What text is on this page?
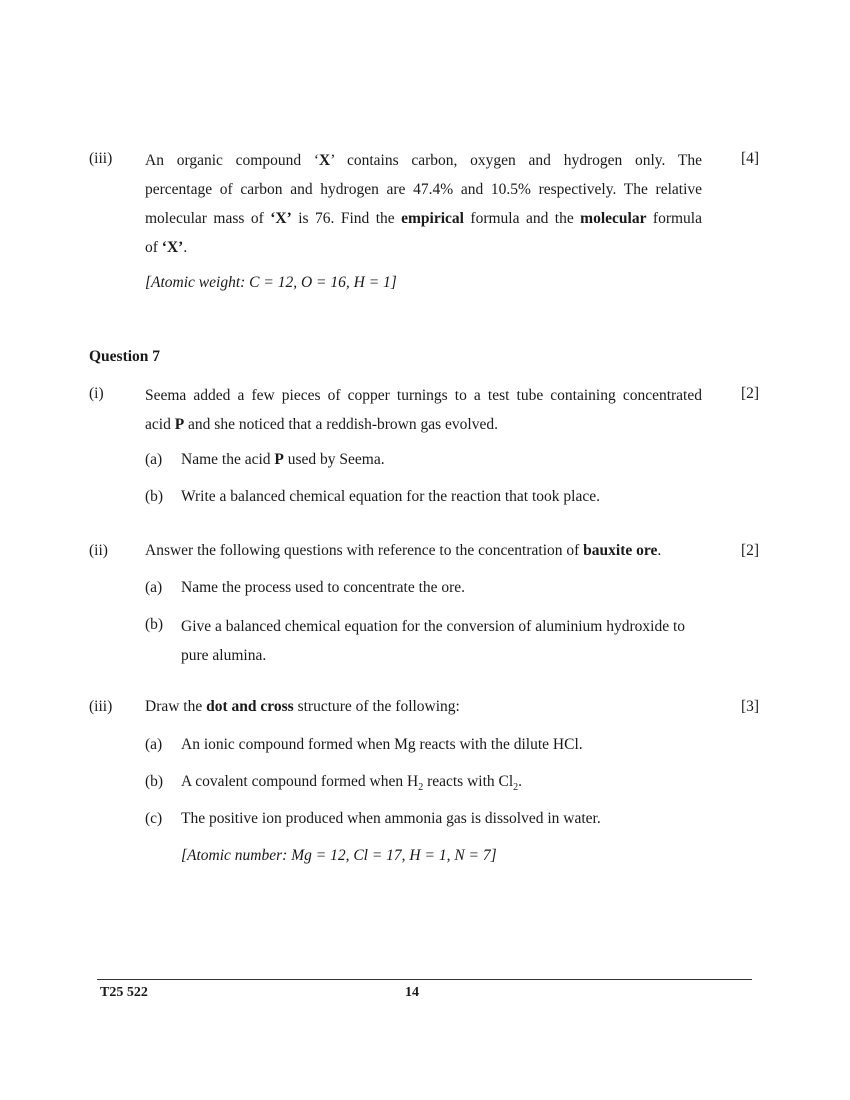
(iii)	[4]
An organic compound ‘X’ contains carbon, oxygen and hydrogen only. The
percentage of carbon and hydrogen are 47.4% and 10.5% respectively. The relative
molecular mass of ‘X’ is 76. Find the empirical formula and the molecular formula
of ‘X’.
[Atomic weight: C = 12, O = 16, H = 1]
Question 7
(i)	[2]
Seema added a few pieces of copper turnings to a test tube containing concentrated
acid P and she noticed that a reddish-brown gas evolved.
(a) Name the acid P used by Seema.
(b) Write a balanced chemical equation for the reaction that took place.
(ii)	[2]
Answer the following questions with reference to the concentration of bauxite ore.
(a) Name the process used to concentrate the ore.
(b) Give a balanced chemical equation for the conversion of aluminium hydroxide to pure alumina.
(iii)	[3]
Draw the dot and cross structure of the following:
(a) An ionic compound formed when Mg reacts with the dilute HCl.
(b) A covalent compound formed when $H_2$ reacts with $Cl_2$.
(c) The positive ion produced when ammonia gas is dissolved in water.
[Atomic number: Mg = 12, Cl = 17, H = 1, N = 7]
T25 522	14
